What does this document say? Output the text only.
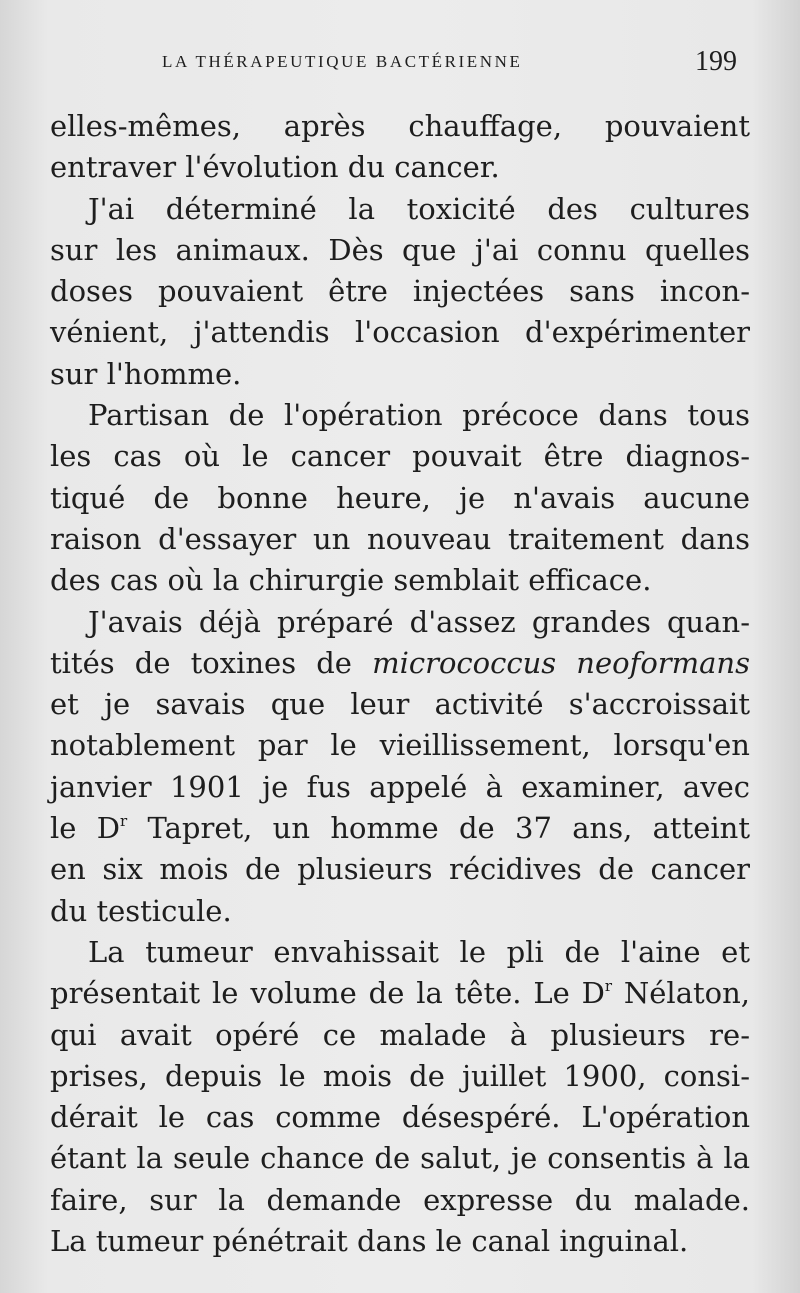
LA THÉRAPEUTIQUE BACTÉRIENNE	199

elles-mêmes, après chauffage, pouvaient
entraver l'évolution du cancer.

J'ai déterminé la toxicité des cultures
sur les animaux. Dès que j'ai connu quelles
doses pouvaient être injectées sans incon-
vénient, j'attendis l'occasion d'expérimenter
sur l'homme.

Partisan de l'opération précoce dans tous
les cas où le cancer pouvait être diagnos-
tiqué de bonne heure, je n'avais aucune
raison d'essayer un nouveau traitement dans
des cas où la chirurgie semblait efficace.

J'avais déjà préparé d'assez grandes quan-
tités de toxines de micrococcus neoformans
et je savais que leur activité s'accroissait
notablement par le vieillissement, lorsqu'en
janvier 1901 je fus appelé à examiner, avec
le $D^r$ Tapret, un homme de 37 ans, atteint
en six mois de plusieurs récidives de cancer
du testicule.

La tumeur envahissait le pli de l'aine et
présentait le volume de la tête. Le $D^r$ Nélaton,
qui avait opéré ce malade à plusieurs re-
prises, depuis le mois de juillet 1900, consi-
dérait le cas comme désespéré. L'opération
étant la seule chance de salut, je consentis à la
faire, sur la demande expresse du malade.
La tumeur pénétrait dans le canal inguinal.
